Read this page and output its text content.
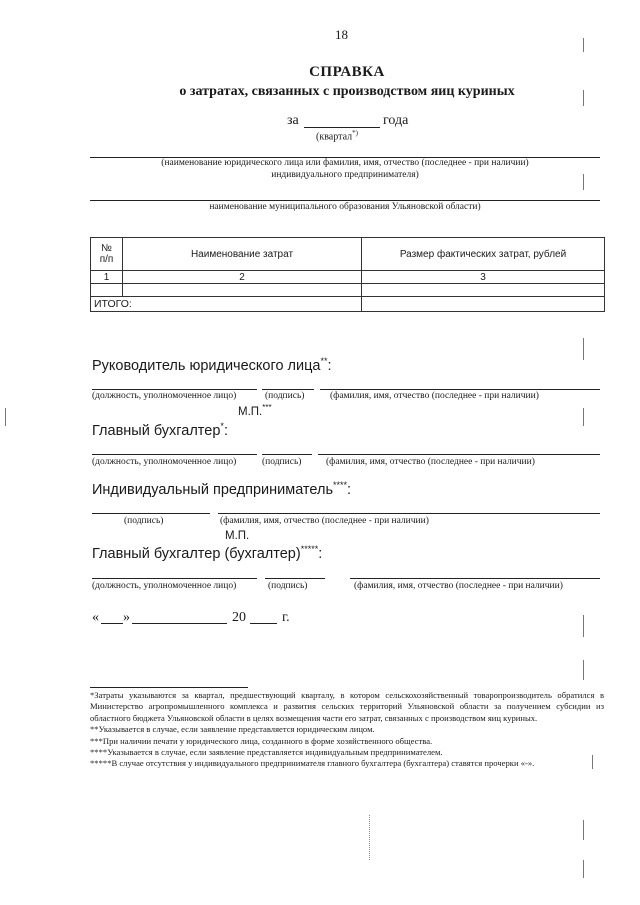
18
СПРАВКА
о затратах, связанных с производством яиц куриных
за	года
(квартал*)
(наименование юридического лица или фамилия, имя, отчество (последнее - при наличии)
индивидуального предпринимателя)
наименование муниципального образования Ульяновской области)
№
п/п	Наименование затрат	Размер фактических затрат, рублей
1	2	3

ИТОГО:		
Руководитель юридического лица**:
(должность, уполномоченное лицо)	(подпись)	(фамилия, имя, отчество (последнее - при наличии)
М.П.***
Главный бухгалтер*:
(должность, уполномоченное лицо)	(подпись)	(фамилия, имя, отчество (последнее - при наличии)
Индивидуальный предприниматель****:
(подпись)	(фамилия, имя, отчество (последнее - при наличии)
М.П.
Главный бухгалтер (бухгалтер)*****:
(должность, уполномоченное лицо)	(подпись)	(фамилия, имя, отчество (последнее - при наличии)
« »	20	г.

*Затраты указываются за квартал, предшествующий кварталу, в котором сельскохозяйственный товаропроизводитель обратился в Министерство агропромышленного комплекса и развития сельских территорий Ульяновской области за получением субсидии из областного бюджета Ульяновской области в целях возмещения части его затрат, связанных с производством яиц куриных.

**Указывается в случае, если заявление представляется юридическим лицом.

***При наличии печати у юридического лица, созданного в форме хозяйственного общества.

****Указывается в случае, если заявление представляется индивидуальным предпринимателем.

*****В случае отсутствия у индивидуального предпринимателя главного бухгалтера (бухгалтера) ставятся прочерки «-».
